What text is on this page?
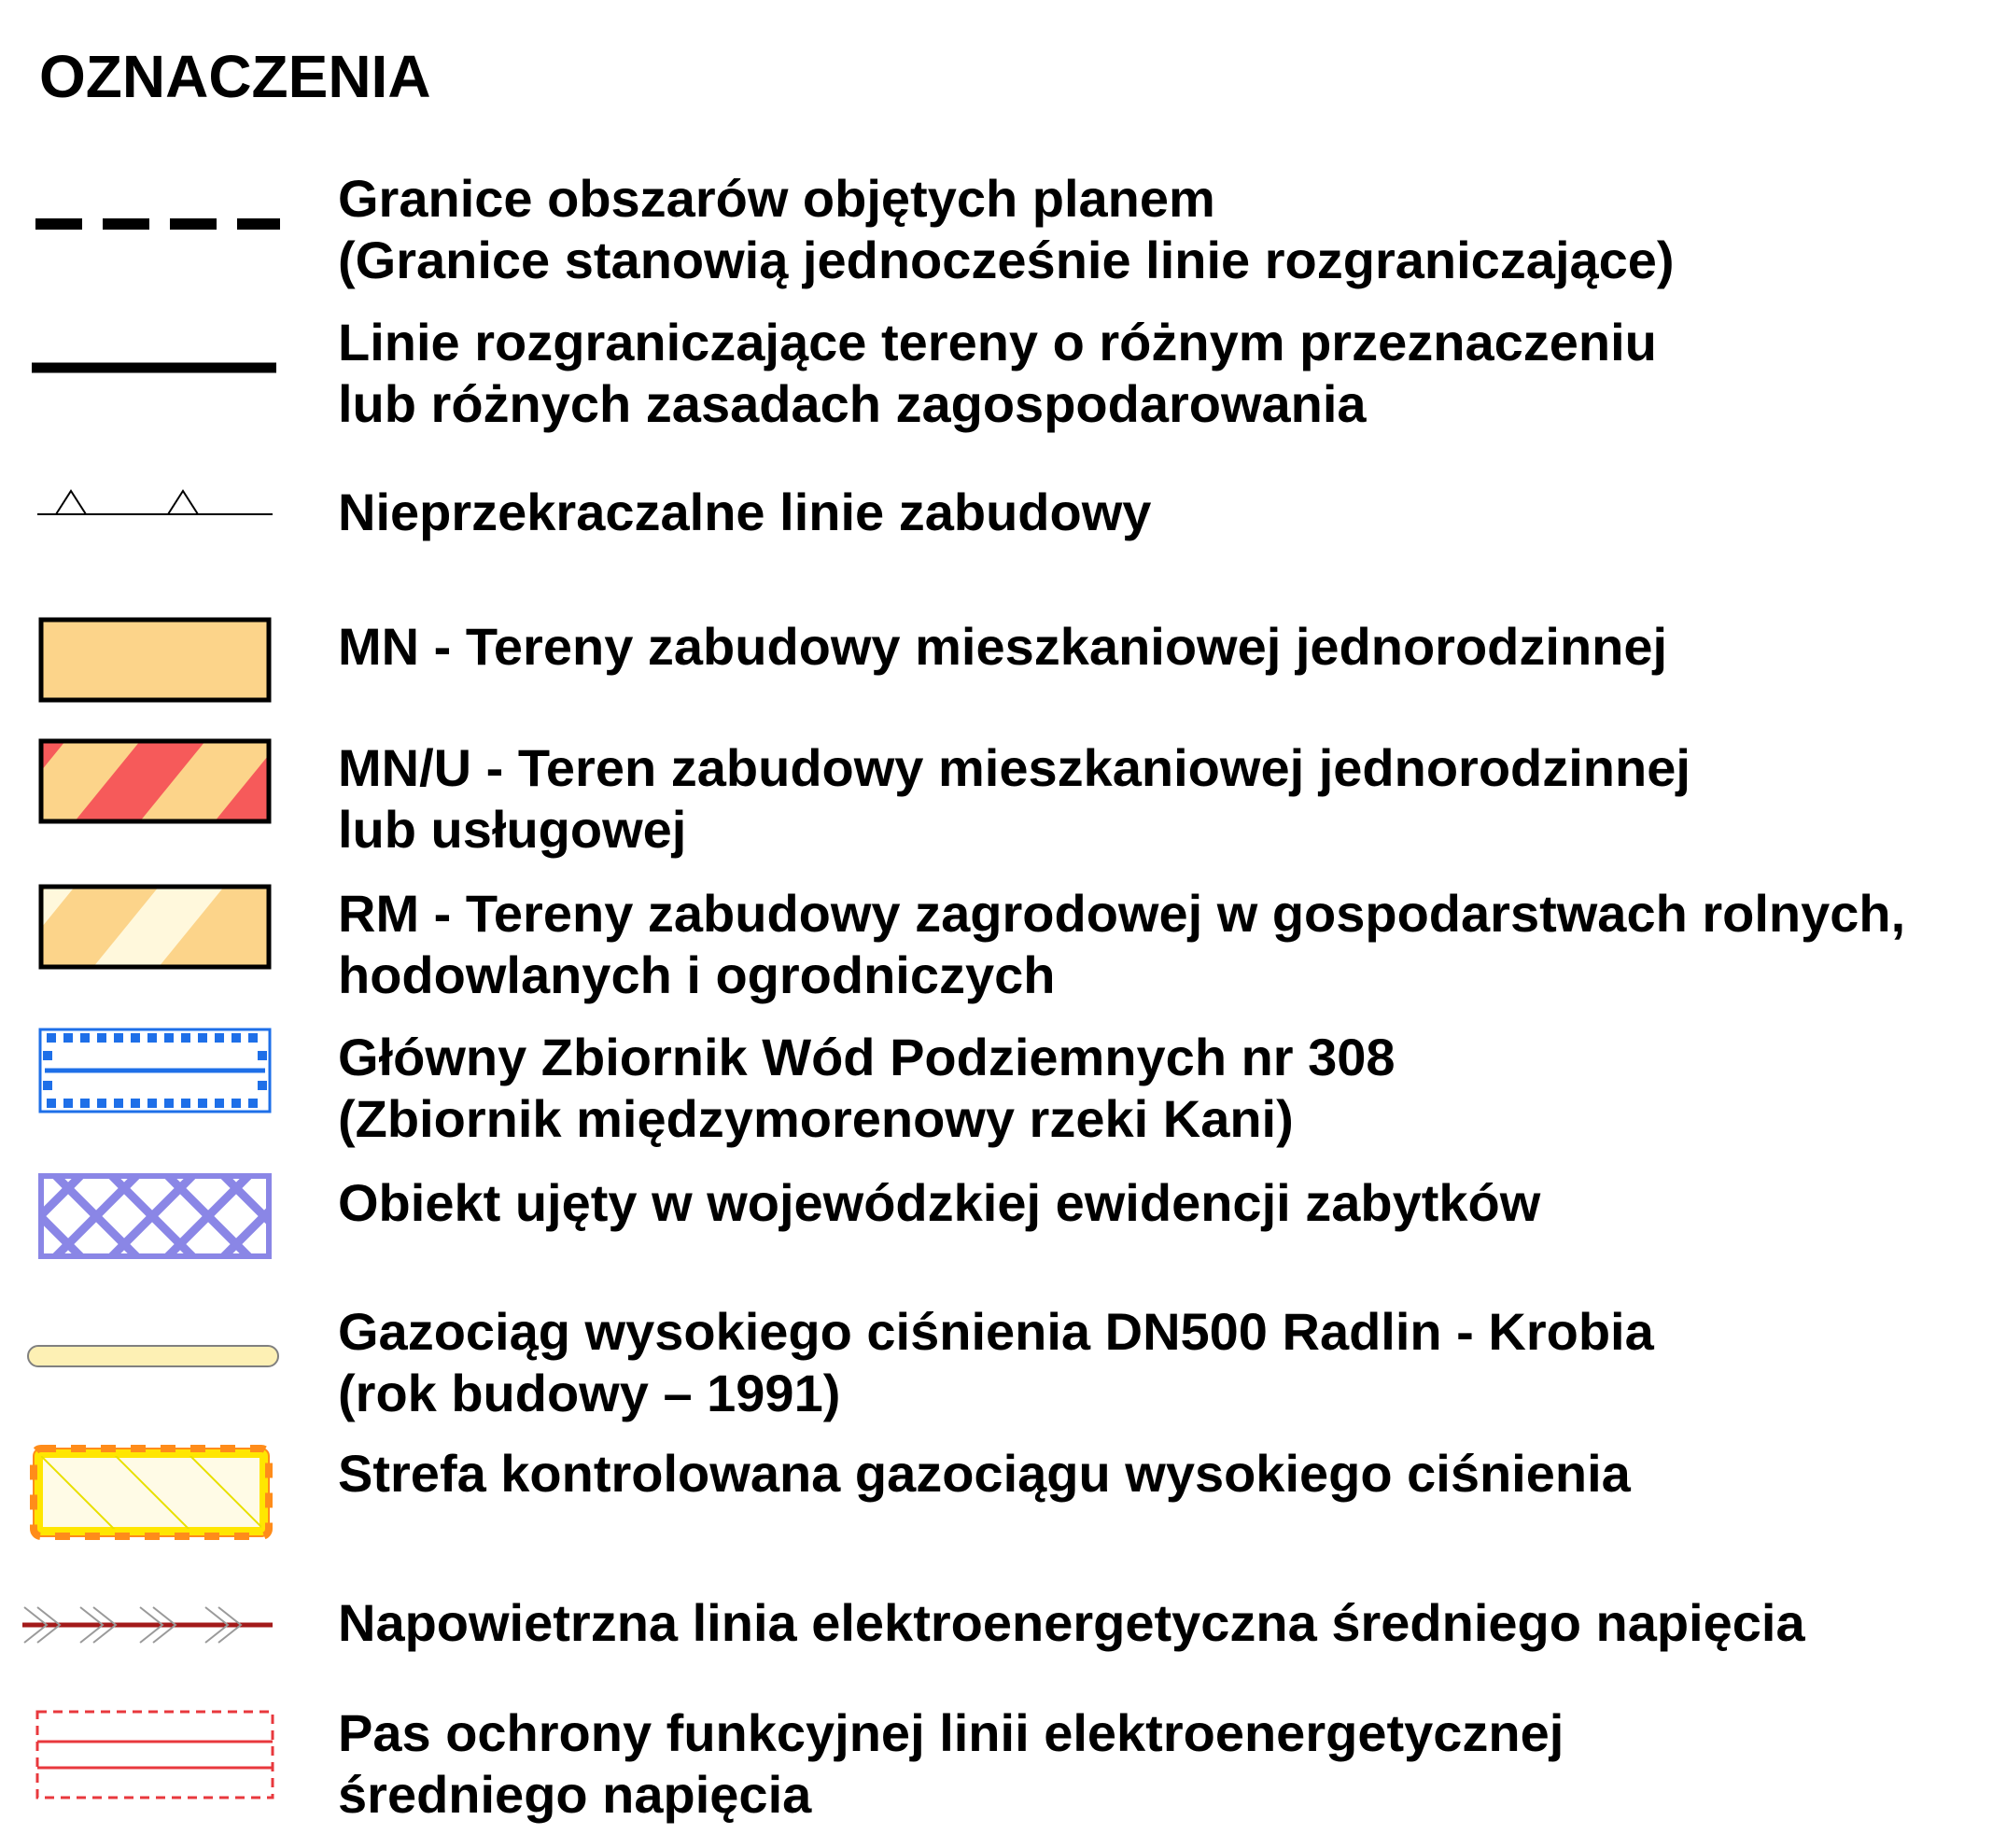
OZNACZENIA
Granice obszarów objętych planem
(Granice stanowią jednocześnie linie rozgraniczające)
Linie rozgraniczające tereny o różnym przeznaczeniu
lub różnych zasadach zagospodarowania
Nieprzekraczalne linie zabudowy
MN - Tereny zabudowy mieszkaniowej jednorodzinnej
MN/U - Teren zabudowy mieszkaniowej jednorodzinnej
lub usługowej
RM - Tereny zabudowy zagrodowej w gospodarstwach rolnych,
hodowlanych i ogrodniczych
Główny Zbiornik Wód Podziemnych nr 308
(Zbiornik międzymorenowy rzeki Kani)
Obiekt ujęty w wojewódzkiej ewidencji zabytków
Gazociąg wysokiego ciśnienia DN500 Radlin - Krobia
(rok budowy – 1991)
Strefa kontrolowana gazociągu wysokiego ciśnienia
Napowietrzna linia elektroenergetyczna średniego napięcia
Pas ochrony funkcyjnej linii elektroenergetycznej
średniego napięcia
